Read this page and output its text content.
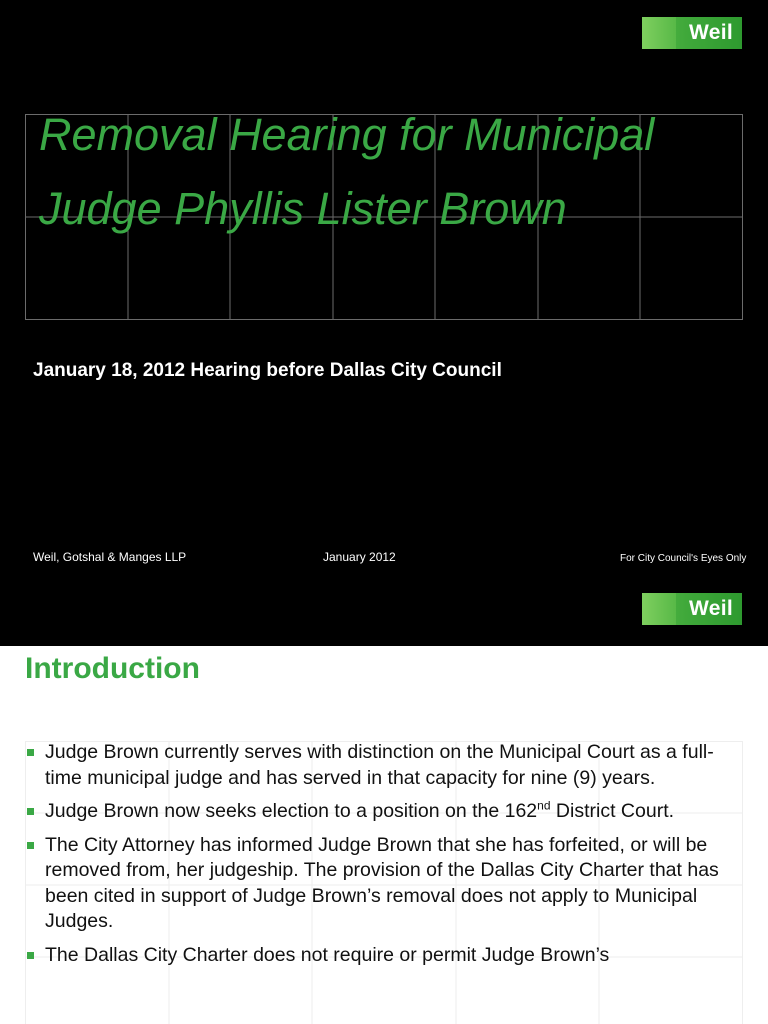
Weil
Removal Hearing for Municipal Judge Phyllis Lister Brown

January 18, 2012 Hearing before Dallas City Council

Weil, Gotshal & Manges LLP	January 2012	For City Council's Eyes Only
Weil
Introduction
Judge Brown currently serves with distinction on the Municipal Court as a full-time municipal judge and has served in that capacity for nine (9) years.
Judge Brown now seeks election to a position on the 162nd District Court.
The City Attorney has informed Judge Brown that she has forfeited, or will be removed from, her judgeship. The provision of the Dallas City Charter that has been cited in support of Judge Brown’s removal does not apply to Municipal Judges.
The Dallas City Charter does not require or permit Judge Brown’s
